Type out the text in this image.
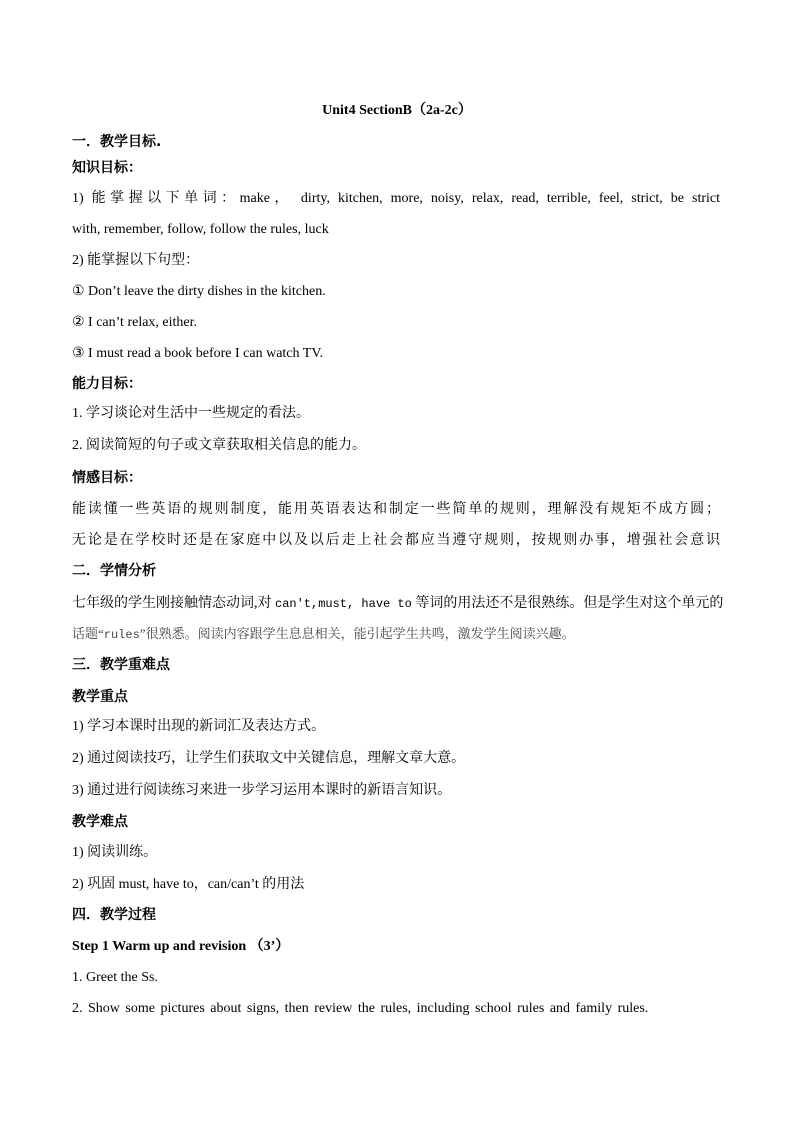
Unit4 SectionB（2a-2c）
一．教学目标.
知识目标：
1) 能掌握以下单词：make， dirty, kitchen, more, noisy, relax, read, terrible, feel, strict, be strict
with, remember, follow, follow the rules, luck
2) 能掌握以下句型：
① Don’t leave the dirty dishes in the kitchen.
② I can’t relax, either.
③ I must read a book before I can watch TV.
能力目标：
1. 学习谈论对生活中一些规定的看法。
2. 阅读简短的句子或文章获取相关信息的能力。
情感目标：
能读懂一些英语的规则制度，能用英语表达和制定一些简单的规则，理解没有规矩不成方圆；
无论是在学校时还是在家庭中以及以后走上社会都应当遵守规则，按规则办事，增强社会意识
二．学情分析
七年级的学生刚接触情态动词,对 can't,must, have to 等词的用法还不是很熟练。但是学生对这个单元的
话题“rules”很熟悉。阅读内容跟学生息息相关，能引起学生共鸣，激发学生阅读兴趣。
三．教学重难点
教学重点
1) 学习本课时出现的新词汇及表达方式。
2) 通过阅读技巧，让学生们获取文中关键信息，理解文章大意。
3) 通过进行阅读练习来进一步学习运用本课时的新语言知识。
教学难点
1) 阅读训练。
2) 巩固 must, have to，can/can’t 的用法
四．教学过程
Step 1 Warm up and revision （3’）
1. Greet the Ss.
2. Show some pictures about signs, then review the rules, including school rules and family rules.
